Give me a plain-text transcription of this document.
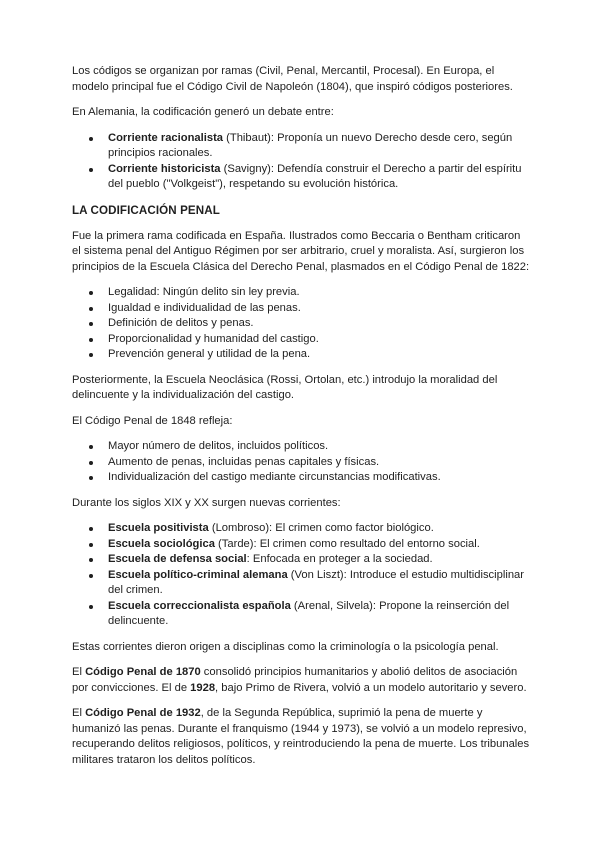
Los códigos se organizan por ramas (Civil, Penal, Mercantil, Procesal). En Europa, el modelo principal fue el Código Civil de Napoleón (1804), que inspiró códigos posteriores.

En Alemania, la codificación generó un debate entre:

Corriente racionalista (Thibaut): Proponía un nuevo Derecho desde cero, según principios racionales.
Corriente historicista (Savigny): Defendía construir el Derecho a partir del espíritu del pueblo ("Volkgeist"), respetando su evolución histórica.
LA CODIFICACIÓN PENAL

Fue la primera rama codificada en España. Ilustrados como Beccaria o Bentham criticaron el sistema penal del Antiguo Régimen por ser arbitrario, cruel y moralista. Así, surgieron los principios de la Escuela Clásica del Derecho Penal, plasmados en el Código Penal de 1822:

Legalidad: Ningún delito sin ley previa.
Igualdad e individualidad de las penas.
Definición de delitos y penas.
Proporcionalidad y humanidad del castigo.
Prevención general y utilidad de la pena.

Posteriormente, la Escuela Neoclásica (Rossi, Ortolan, etc.) introdujo la moralidad del delincuente y la individualización del castigo.

El Código Penal de 1848 refleja:

Mayor número de delitos, incluidos políticos.
Aumento de penas, incluidas penas capitales y físicas.
Individualización del castigo mediante circunstancias modificativas.

Durante los siglos XIX y XX surgen nuevas corrientes:

Escuela positivista (Lombroso): El crimen como factor biológico.
Escuela sociológica (Tarde): El crimen como resultado del entorno social.
Escuela de defensa social: Enfocada en proteger a la sociedad.
Escuela político-criminal alemana (Von Liszt): Introduce el estudio multidisciplinar del crimen.
Escuela correccionalista española (Arenal, Silvela): Propone la reinserción del delincuente.

Estas corrientes dieron origen a disciplinas como la criminología o la psicología penal.

El Código Penal de 1870 consolidó principios humanitarios y abolió delitos de asociación por convicciones. El de 1928, bajo Primo de Rivera, volvió a un modelo autoritario y severo.

El Código Penal de 1932, de la Segunda República, suprimió la pena de muerte y humanizó las penas. Durante el franquismo (1944 y 1973), se volvió a un modelo represivo, recuperando delitos religiosos, políticos, y reintroduciendo la pena de muerte. Los tribunales militares trataron los delitos políticos.
